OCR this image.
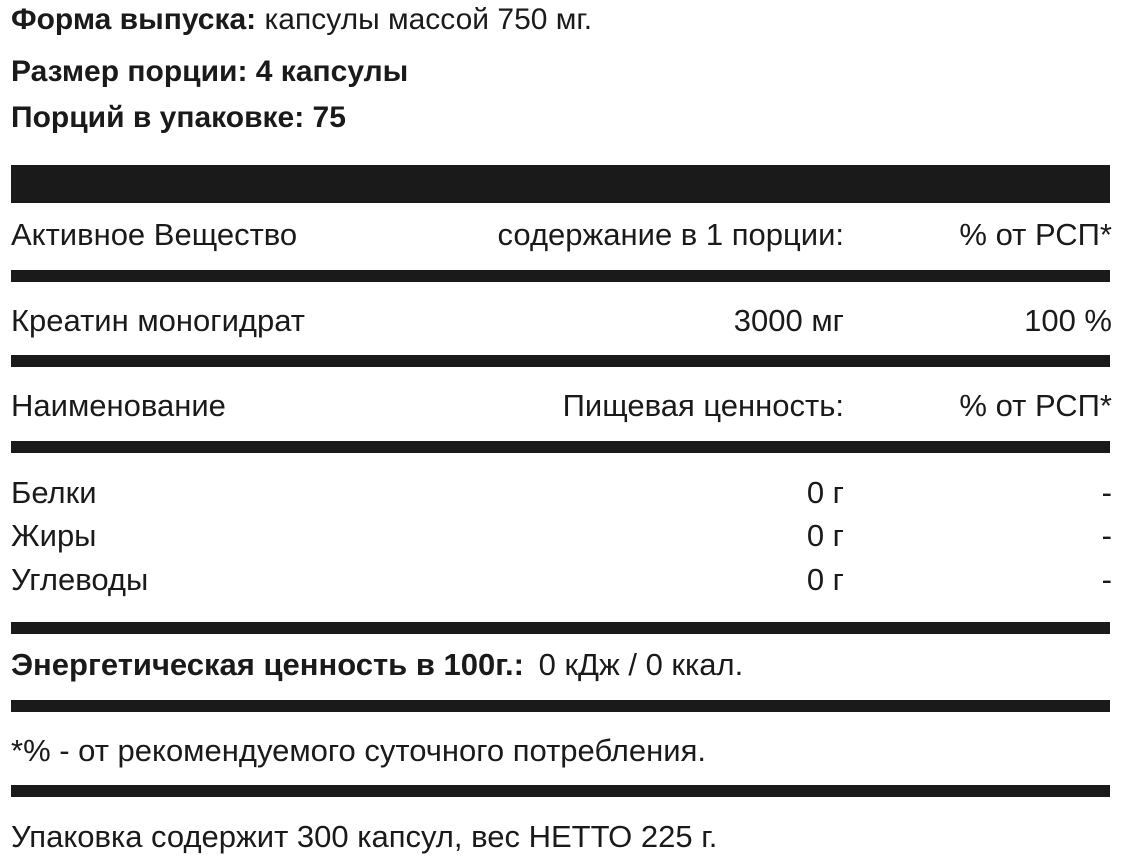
Форма выпуска: капсулы массой 750 мг.
Размер порции: 4 капсулы
Порций в упаковке: 75
Активное Вещество	содержание в 1 порции:	% от РСП*
Креатин моногидрат	3000 мг	100 %
Наименование	Пищевая ценность:	% от РСП*
Белки	0 г	-
Жиры	0 г	-
Углеводы	0 г	-
Энергетическая ценность в 100г.: 0 кДж / 0 ккал.
*% - от рекомендуемого суточного потребления.
Упаковка содержит 300 капсул, вес НЕТТО 225 г.
